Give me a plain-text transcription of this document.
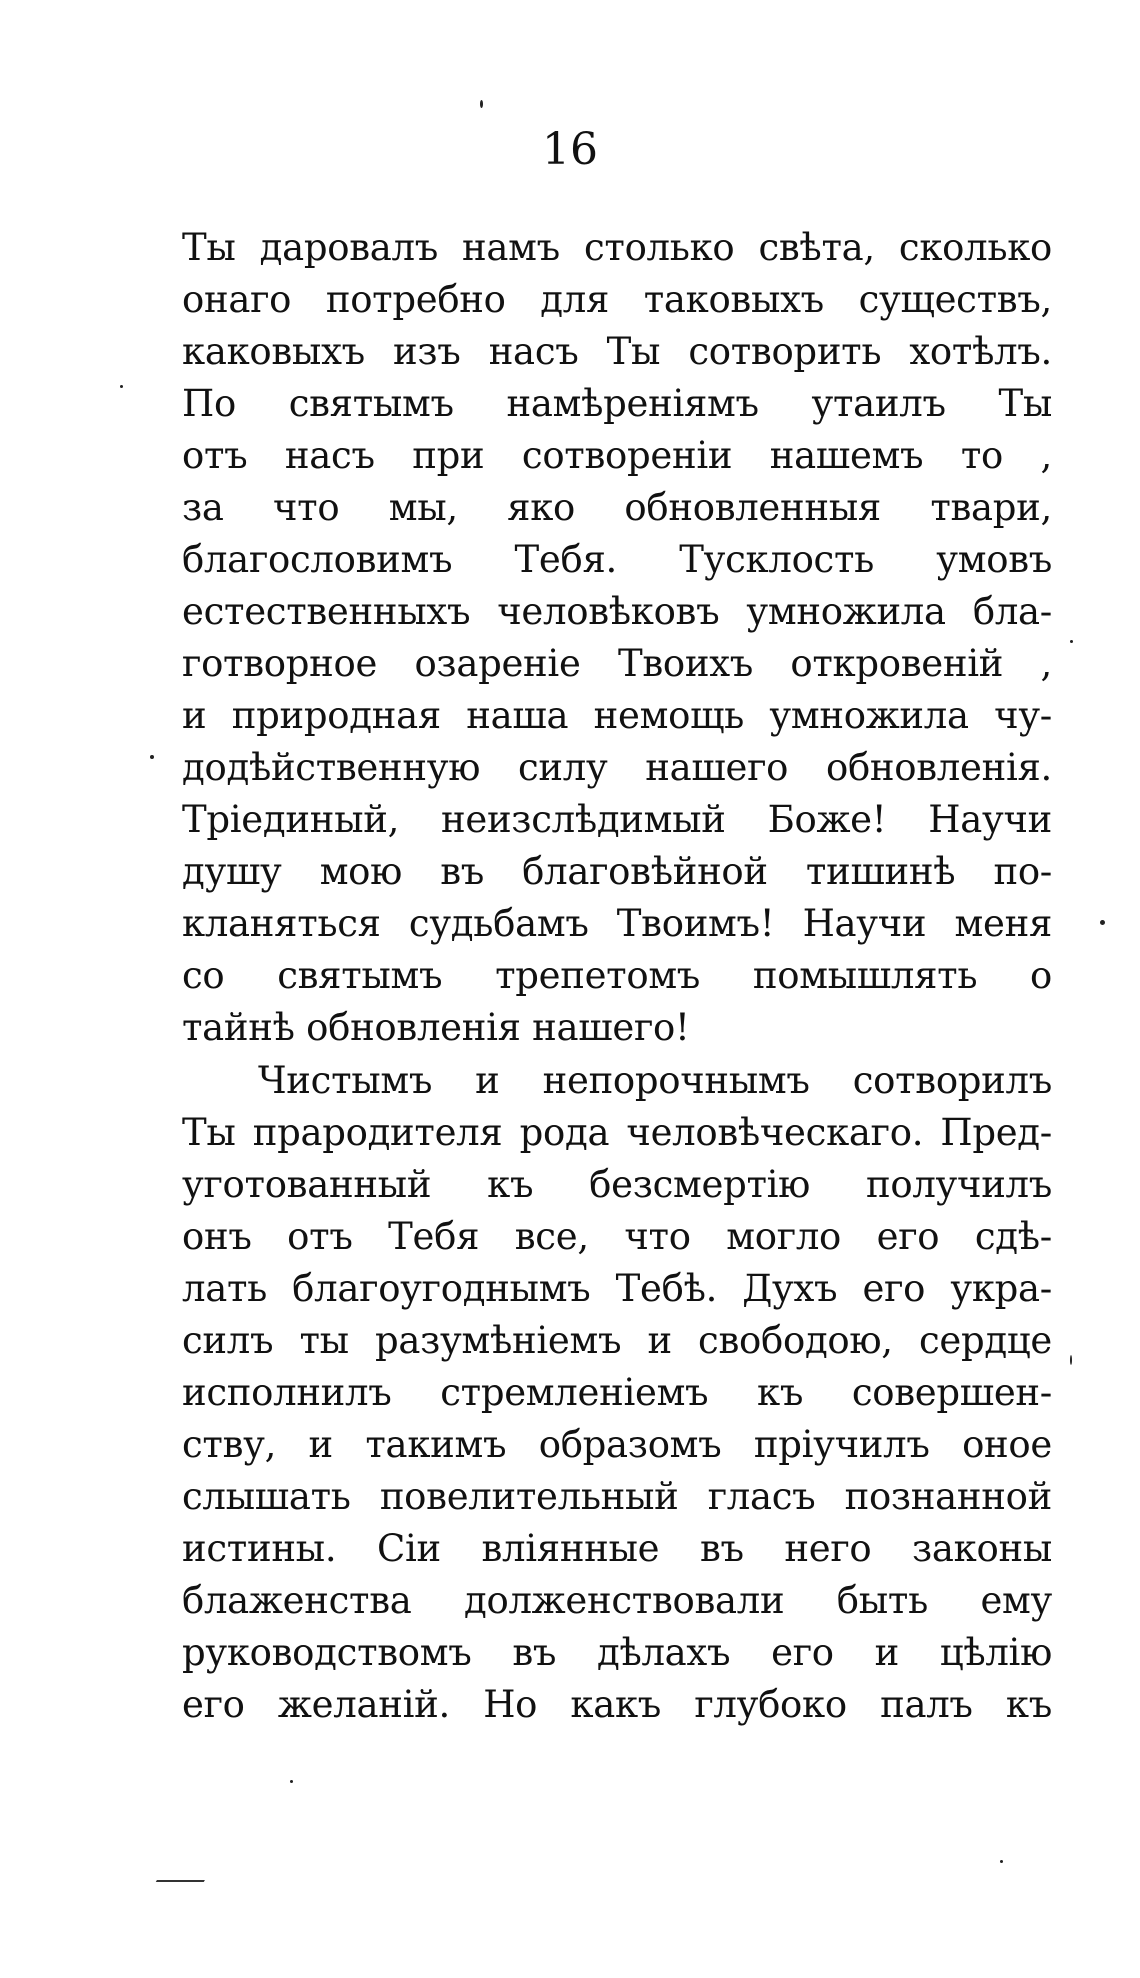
16
Ты даровалъ намъ столько свѣта, сколько
онаго потребно для таковыхъ существъ,
каковыхъ изъ насъ Ты сотворить хотѣлъ.
По святымъ намѣреніямъ утаилъ Ты
отъ насъ при сотвореніи нашемъ то ,
за что мы, яко обновленныя твари,
благословимъ Тебя. Тусклость умовъ
естественныхъ человѣковъ умножила бла-
готворное озареніе Твоихъ откровеній ,
и природная наша немощь умножила чу-
додѣйственную силу нашего обновленія.
Тріединый, неизслѣдимый Боже! Научи
душу мою въ благовѣйной тишинѣ по-
кланяться судьбамъ Твоимъ! Научи меня
со святымъ трепетомъ помышлять о
тайнѣ обновленія нашего!
Чистымъ и непорочнымъ сотворилъ
Ты прародителя рода человѣческаго. Пред-
уготованный къ безсмертію получилъ
онъ отъ Тебя все, что могло его сдѣ-
лать благоугоднымъ Тебѣ. Духъ его укра-
силъ ты разумѣніемъ и свободою, сердце
исполнилъ стремленіемъ къ совершен-
ству, и такимъ образомъ пріучилъ оное
слышать повелительный гласъ познанной
истины. Сіи влiянные въ него законы
блаженства долженствовали быть ему
руководствомъ въ дѣлахъ его и цѣлію
его желаній. Но какъ глубоко палъ къ
